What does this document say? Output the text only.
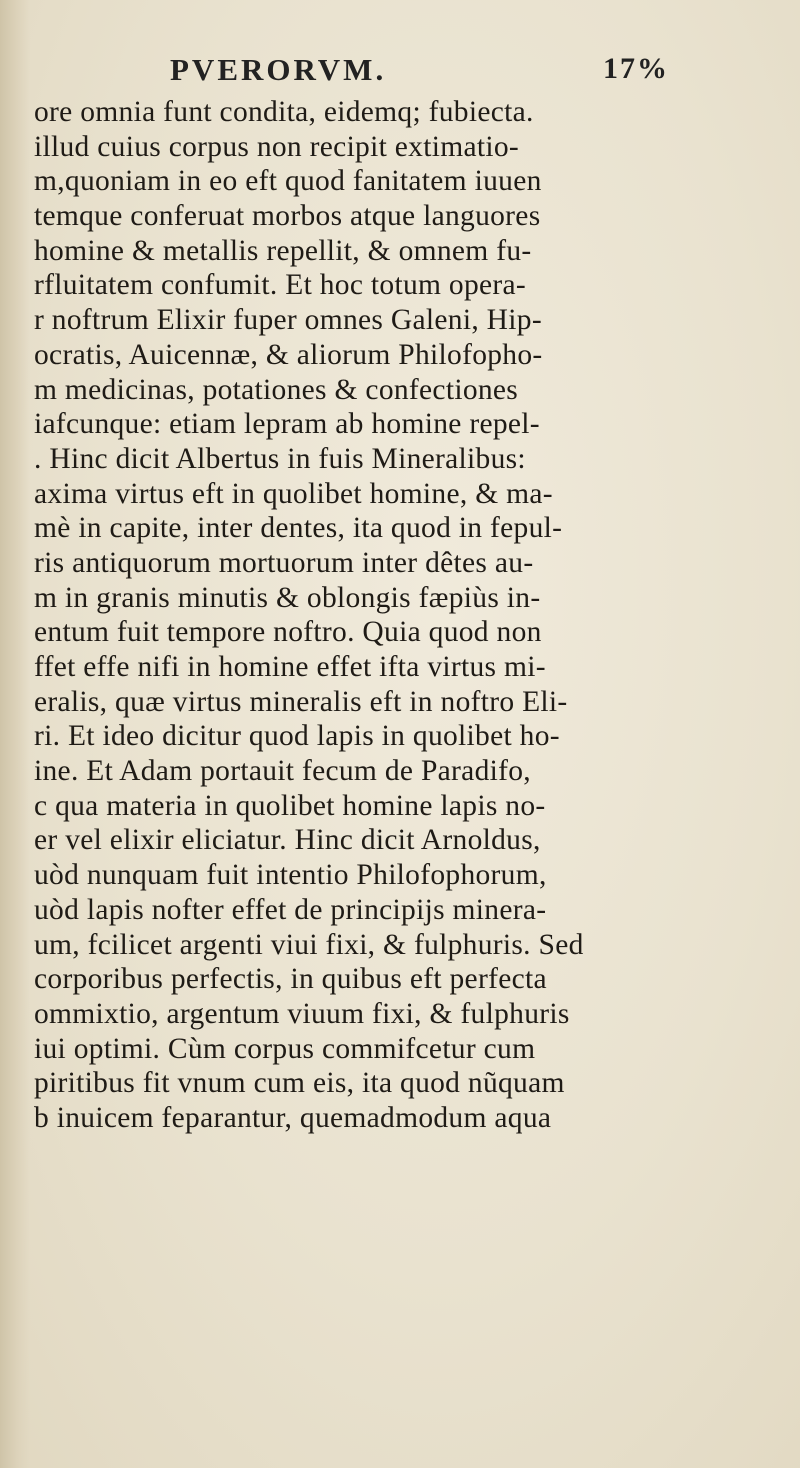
PVERORVM.	17%
ore omnia funt condita, eidemq; fubiecta.
illud cuius corpus non recipit extimatio-
m,quoniam in eo eft quod fanitatem iuuen
temque conferuat morbos atque languores
homine & metallis repellit, & omnem fu-
rfluitatem confumit. Et hoc totum opera-
r noftrum Elixir fuper omnes Galeni, Hip-
ocratis, Auicennæ, & aliorum Philofopho-
m medicinas, potationes & confectiones
iafcunque: etiam lepram ab homine repel-
. Hinc dicit Albertus in fuis Mineralibus:
axima virtus eft in quolibet homine, & ma-
mè in capite, inter dentes, ita quod in fepul-
ris antiquorum mortuorum inter dêtes au-
m in granis minutis & oblongis fæpiùs in-
entum fuit tempore noftro. Quia quod non
ffet effe nifi in homine effet ifta virtus mi-
eralis, quæ virtus mineralis eft in noftro Eli-
ri. Et ideo dicitur quod lapis in quolibet ho-
ine. Et Adam portauit fecum de Paradifo,
c qua materia in quolibet homine lapis no-
er vel elixir eliciatur. Hinc dicit Arnoldus,
uòd nunquam fuit intentio Philofophorum,
uòd lapis nofter effet de principijs minera-
um, fcilicet argenti viui fixi, & fulphuris. Sed
corporibus perfectis, in quibus eft perfecta
ommixtio, argentum viuum fixi, & fulphuris
iui optimi. Cùm corpus commifcetur cum
piritibus fit vnum cum eis, ita quod nũquam
b inuicem feparantur, quemadmodum aqua
